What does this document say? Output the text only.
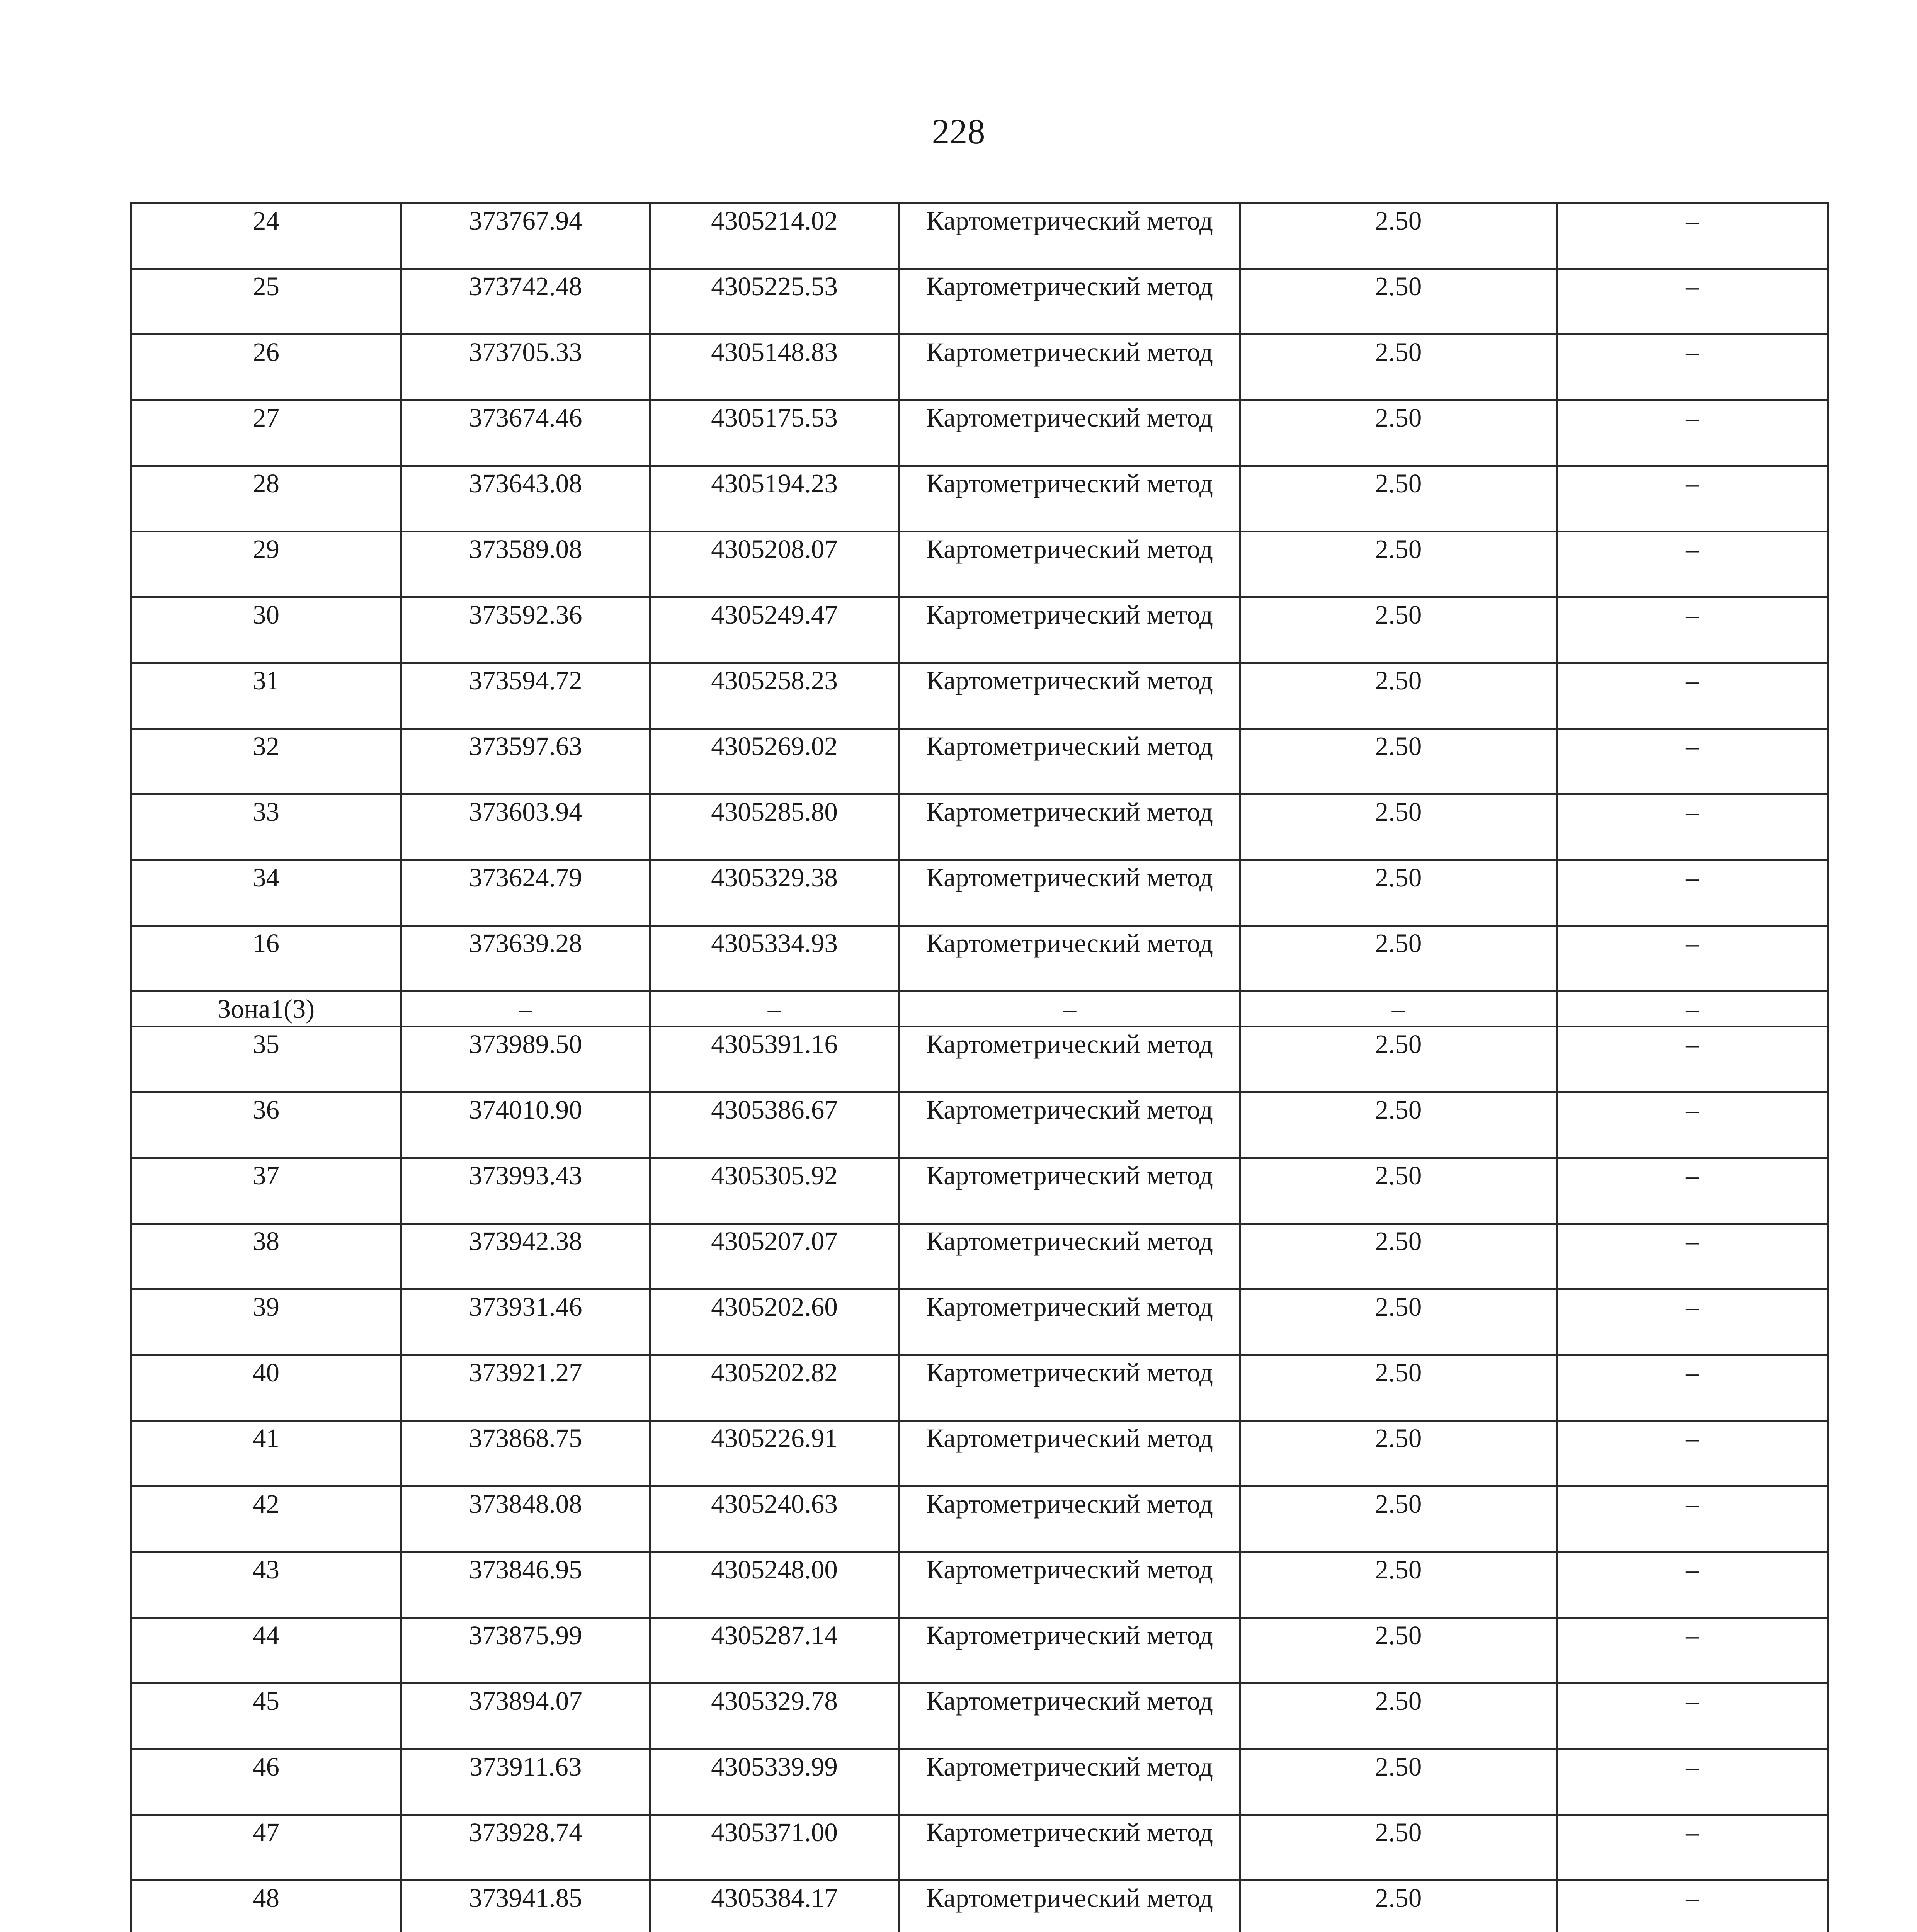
228
24	373767.94	4305214.02	Картометрический метод	2.50	–
25	373742.48	4305225.53	Картометрический метод	2.50	–
26	373705.33	4305148.83	Картометрический метод	2.50	–
27	373674.46	4305175.53	Картометрический метод	2.50	–
28	373643.08	4305194.23	Картометрический метод	2.50	–
29	373589.08	4305208.07	Картометрический метод	2.50	–
30	373592.36	4305249.47	Картометрический метод	2.50	–
31	373594.72	4305258.23	Картометрический метод	2.50	–
32	373597.63	4305269.02	Картометрический метод	2.50	–
33	373603.94	4305285.80	Картометрический метод	2.50	–
34	373624.79	4305329.38	Картометрический метод	2.50	–
16	373639.28	4305334.93	Картометрический метод	2.50	–
Зона1(3)	–	–	–	–	–
35	373989.50	4305391.16	Картометрический метод	2.50	–
36	374010.90	4305386.67	Картометрический метод	2.50	–
37	373993.43	4305305.92	Картометрический метод	2.50	–
38	373942.38	4305207.07	Картометрический метод	2.50	–
39	373931.46	4305202.60	Картометрический метод	2.50	–
40	373921.27	4305202.82	Картометрический метод	2.50	–
41	373868.75	4305226.91	Картометрический метод	2.50	–
42	373848.08	4305240.63	Картометрический метод	2.50	–
43	373846.95	4305248.00	Картометрический метод	2.50	–
44	373875.99	4305287.14	Картометрический метод	2.50	–
45	373894.07	4305329.78	Картометрический метод	2.50	–
46	373911.63	4305339.99	Картометрический метод	2.50	–
47	373928.74	4305371.00	Картометрический метод	2.50	–
48	373941.85	4305384.17	Картометрический метод	2.50	–
